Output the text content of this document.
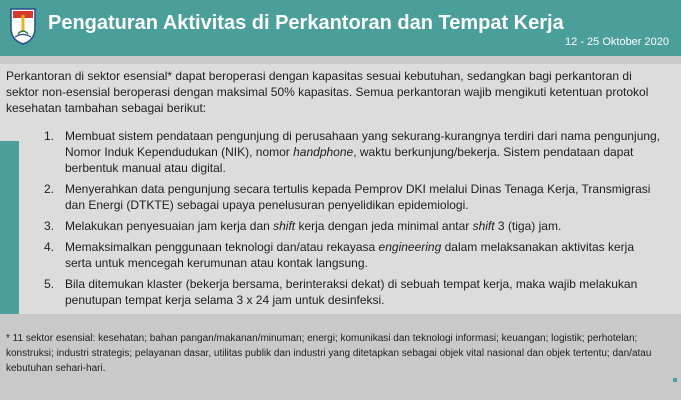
Pengaturan Aktivitas di Perkantoran dan Tempat Kerja
12 - 25 Oktober 2020
Perkantoran di sektor esensial* dapat beroperasi dengan kapasitas sesuai kebutuhan, sedangkan bagi perkantoran di sektor non-esensial beroperasi dengan maksimal 50% kapasitas. Semua perkantoran wajib mengikuti ketentuan protokol kesehatan tambahan sebagai berikut:
1. Membuat sistem pendataan pengunjung di perusahaan yang sekurang-kurangnya terdiri dari nama pengunjung, Nomor Induk Kependudukan (NIK), nomor handphone, waktu berkunjung/bekerja. Sistem pendataan dapat berbentuk manual atau digital.
2. Menyerahkan data pengunjung secara tertulis kepada Pemprov DKI melalui Dinas Tenaga Kerja, Transmigrasi dan Energi (DTKTE) sebagai upaya penelusuran penyelidikan epidemiologi.
3. Melakukan penyesuaian jam kerja dan shift kerja dengan jeda minimal antar shift 3 (tiga) jam.
4. Memaksimalkan penggunaan teknologi dan/atau rekayasa engineering dalam melaksanakan aktivitas kerja serta untuk mencegah kerumunan atau kontak langsung.
5. Bila ditemukan klaster (bekerja bersama, berinteraksi dekat) di sebuah tempat kerja, maka wajib melakukan penutupan tempat kerja selama 3 x 24 jam untuk desinfeksi.
* 11 sektor esensial: kesehatan; bahan pangan/makanan/minuman; energi; komunikasi dan teknologi informasi; keuangan; logistik; perhotelan; konstruksi; industri strategis; pelayanan dasar, utilitas publik dan industri yang ditetapkan sebagai objek vital nasional dan objek tertentu; dan/atau kebutuhan sehari-hari.
